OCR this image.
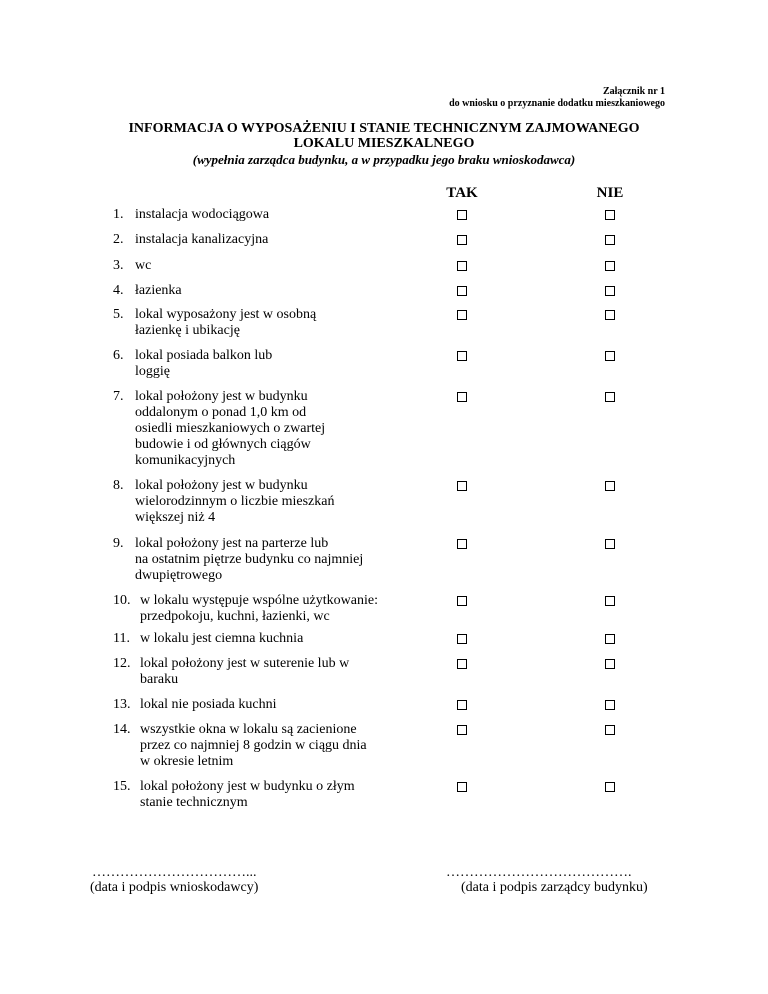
Załącznik nr 1
do wniosku o przyznanie dodatku mieszkaniowego
INFORMACJA O WYPOSAŻENIU I STANIE TECHNICZNYM ZAJMOWANEGO
LOKALU MIESZKALNEGO
(wypełnia zarządca budynku, a w przypadku jego braku wnioskodawca)
TAK	NIE
1. instalacja wodociągowa
2. instalacja kanalizacyjna
3. wc
4. łazienka
5. lokal wyposażony jest w osobną
łazienkę i ubikację
6. lokal posiada balkon lub
loggię
7. lokal położony jest w budynku
oddalonym o ponad 1,0 km od
osiedli mieszkaniowych o zwartej
budowie i od głównych ciągów
komunikacyjnych
8. lokal położony jest w budynku
wielorodzinnym o liczbie mieszkań
większej niż 4
9. lokal położony jest na parterze lub
na ostatnim piętrze budynku co najmniej
dwupiętrowego
10. w lokalu występuje wspólne użytkowanie:
przedpokoju, kuchni, łazienki, wc
11. w lokalu jest ciemna kuchnia
12. lokal położony jest w suterenie lub w
baraku
13. lokal nie posiada kuchni
14. wszystkie okna w lokalu są zacienione
przez co najmniej 8 godzin w ciągu dnia
w okresie letnim
15. lokal położony jest w budynku o złym
stanie technicznym
……………………………...
(data i podpis wnioskodawcy)
………………………………….
(data i podpis zarządcy budynku)
